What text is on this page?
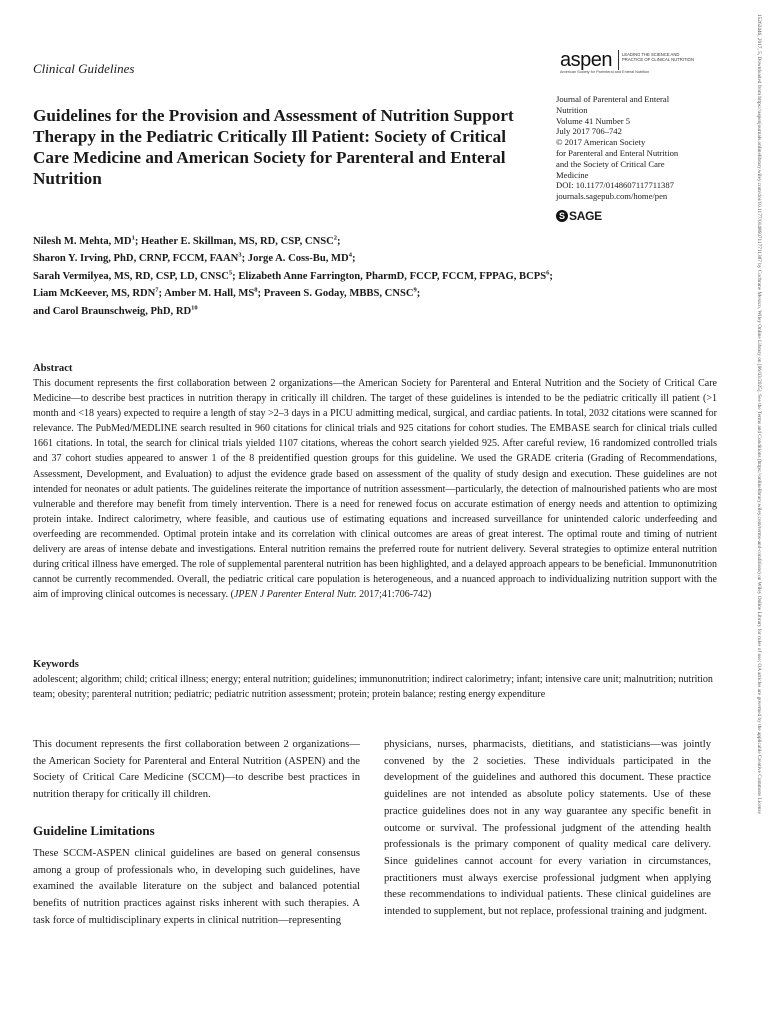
15262446, 2017, 5, Downloaded from https://aspenjournals.onlinelibrary.wiley.com/doi/10.1177/0148607117711387 by Cochrane Mexico, Wiley Online Library on [06/03/2025]. See the Terms and Conditions (https://onlinelibrary.wiley.com/terms-and-conditions) on Wiley Online Library for rules of use; OA articles are governed by the applicable Creative Commons License
Clinical Guidelines	aspen LEADING THE SCIENCE AND
PRACTICE OF CLINICAL NUTRITION
American Society for Parenteral and Enteral Nutrition
Guidelines for the Provision and Assessment of Nutrition Support Therapy in the Pediatric Critically Ill Patient: Society of Critical Care Medicine and American Society for Parenteral and Enteral Nutrition
Journal of Parenteral and Enteral
Nutrition
Volume 41 Number 5
July 2017 706–742
© 2017 American Society
for Parenteral and Enteral Nutrition
and the Society of Critical Care
Medicine
DOI: 10.1177/0148607117711387
journals.sagepub.com/home/pen
S SAGE
Nilesh M. Mehta, $MD^1$; Heather E. Skillman, MS, RD, CSP, CNSC$^2$;
Sharon Y. Irving, PhD, CRNP, FCCM, FAAN$^3$; Jorge A. Coss-Bu, $MD^4$;
Sarah Vermilyea, MS, RD, CSP, LD, CNSC$^5$; Elizabeth Anne Farrington, PharmD, FCCP, FCCM, FPPAG, BCPS$^6$;
Liam McKeever, MS, RDN$^7$; Amber M. Hall, $MS^8$; Praveen S. Goday, MBBS, CNSC$^9$;
and Carol Braunschweig, PhD, RD$^{10}$
Abstract

This document represents the first collaboration between 2 organizations—the American Society for Parenteral and Enteral Nutrition and the Society of Critical Care Medicine—to describe best practices in nutrition therapy in critically ill children. The target of these guidelines is intended to be the pediatric critically ill patient (>1 month and <18 years) expected to require a length of stay >2–3 days in a PICU admitting medical, surgical, and cardiac patients. In total, 2032 citations were scanned for relevance. The PubMed/MEDLINE search resulted in 960 citations for clinical trials and 925 citations for cohort studies. The EMBASE search for clinical trials culled 1661 citations. In total, the search for clinical trials yielded 1107 citations, whereas the cohort search yielded 925. After careful review, 16 randomized controlled trials and 37 cohort studies appeared to answer 1 of the 8 preidentified question groups for this guideline. We used the GRADE criteria (Grading of Recommendations, Assessment, Development, and Evaluation) to adjust the evidence grade based on assessment of the quality of study design and execution. These guidelines are not intended for neonates or adult patients. The guidelines reiterate the importance of nutrition assessment—particularly, the detection of malnourished patients who are most vulnerable and therefore may benefit from timely intervention. There is a need for renewed focus on accurate estimation of energy needs and attention to optimizing protein intake. Indirect calorimetry, where feasible, and cautious use of estimating equations and increased surveillance for unintended caloric underfeeding and overfeeding are recommended. Optimal protein intake and its correlation with clinical outcomes are areas of great interest. The optimal route and timing of nutrient delivery are areas of intense debate and investigations. Enteral nutrition remains the preferred route for nutrient delivery. Several strategies to optimize enteral nutrition during critical illness have emerged. The role of supplemental parenteral nutrition has been highlighted, and a delayed approach appears to be beneficial. Immunonutrition cannot be currently recommended. Overall, the pediatric critical care population is heterogeneous, and a nuanced approach to individualizing nutrition support with the aim of improving clinical outcomes is necessary. (JPEN J Parenter Enteral Nutr. 2017;41:706-742)

Keywords

adolescent; algorithm; child; critical illness; energy; enteral nutrition; guidelines; immunonutrition; indirect calorimetry; infant; intensive care unit; malnutrition; nutrition team; obesity; parenteral nutrition; pediatric; pediatric nutrition assessment; protein; protein balance; resting energy expenditure

This document represents the first collaboration between 2 organizations—the American Society for Parenteral and Enteral Nutrition (ASPEN) and the Society of Critical Care Medicine (SCCM)—to describe best practices in nutrition therapy for critically ill children.

Guideline Limitations

These SCCM-ASPEN clinical guidelines are based on general consensus among a group of professionals who, in developing such guidelines, have examined the available literature on the subject and balanced potential benefits of nutrition practices against risks inherent with such therapies. A task force of multidisciplinary experts in clinical nutrition—representing

physicians, nurses, pharmacists, dietitians, and statisticians—was jointly convened by the 2 societies. These individuals participated in the development of the guidelines and authored this document. These practice guidelines are not intended as absolute policy statements. Use of these practice guidelines does not in any way guarantee any specific benefit in outcome or survival. The professional judgment of the attending health professionals is the primary component of quality medical care delivery. Since guidelines cannot account for every variation in circumstances, practitioners must always exercise professional judgment when applying these recommendations to individual patients. These clinical guidelines are intended to supplement, but not replace, professional training and judgment.
